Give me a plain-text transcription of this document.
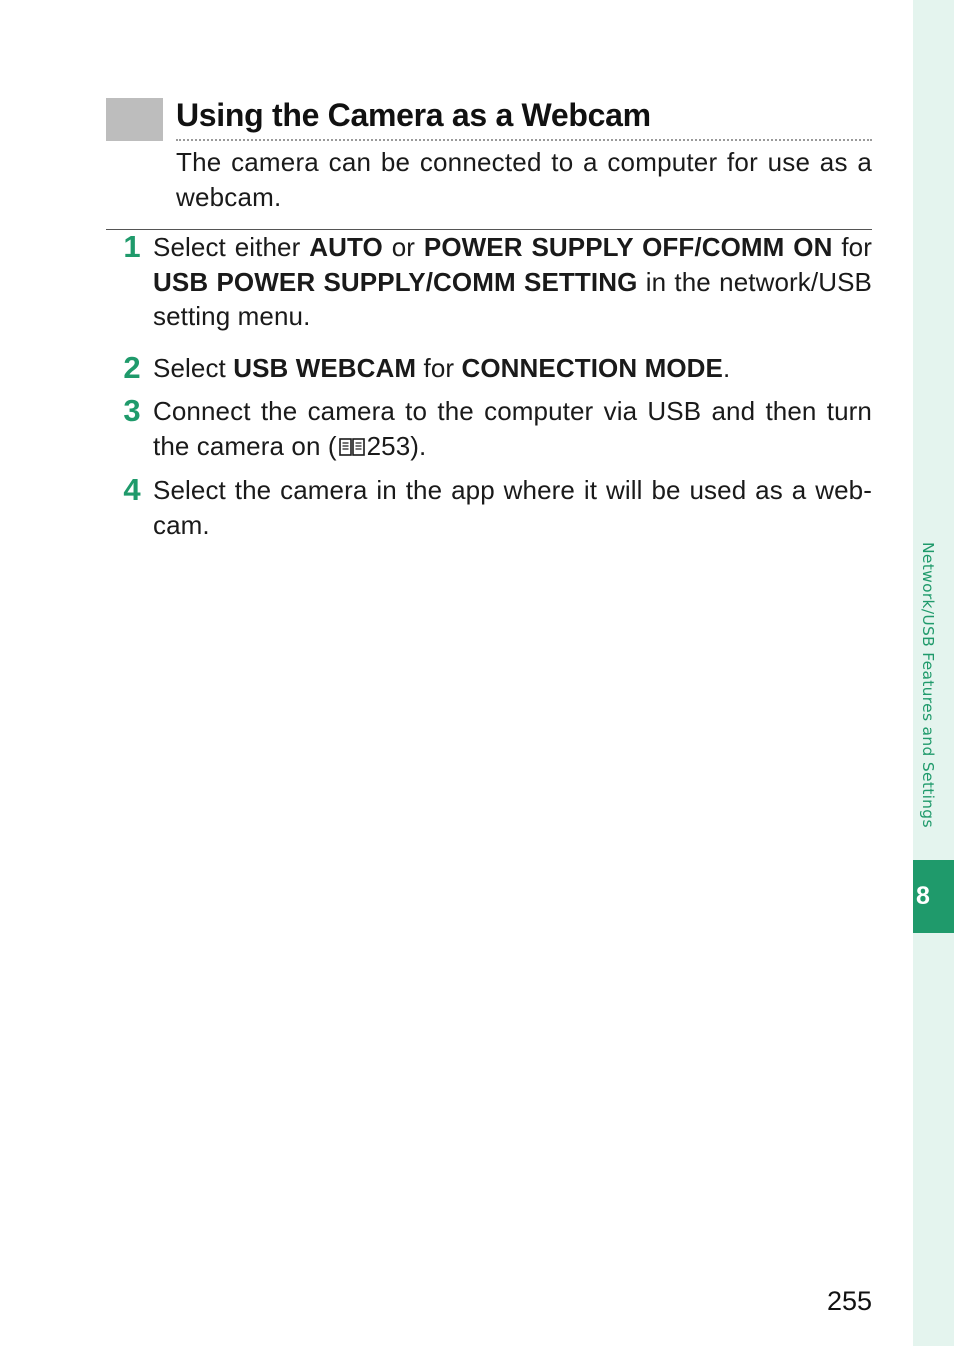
Network/USB Features and Settings
8
Using the Camera as a Webcam

The camera can be connected to a computer for use as a webcam.

1 Select either AUTO or POWER SUPPLY OFF/COMM ON for USB POWER SUPPLY/COMM SETTING in the network/USB setting menu.

2 Select USB WEBCAM for CONNECTION MODE.

3 Connect the camera to the computer via USB and then turn the camera on ( 253).

4 Select the camera in the app where it will be used as a web-cam.

255
